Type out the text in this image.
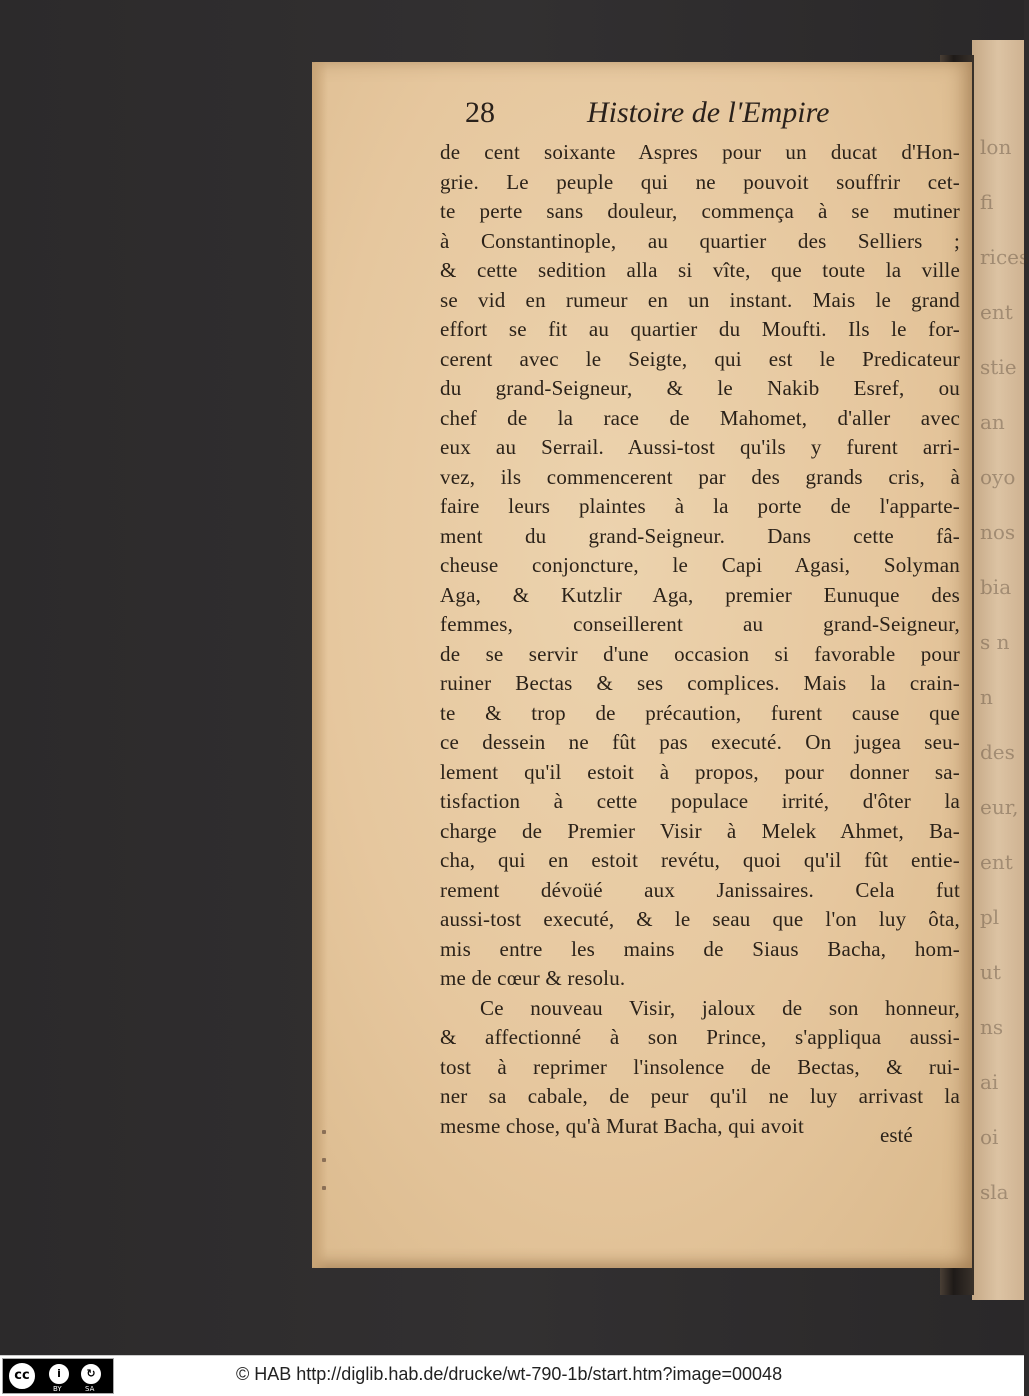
lon
fi
rices
ent
stie
an
oyo
nos
bia
s n
n
des
eur,
ent
pl
ut
ns
ai
oi
sla
28	Histoire de l'Empire
de cent soixante Aspres pour un ducat d'Hon-
grie. Le peuple qui ne pouvoit souffrir cet-
te perte sans douleur, commença à se mutiner
à Constantinople, au quartier des Selliers ;
& cette sedition alla si vîte, que toute la ville
se vid en rumeur en un instant. Mais le grand
effort se fit au quartier du Moufti. Ils le for-
cerent avec le Seigte, qui est le Predicateur
du grand-Seigneur, & le Nakib Esref, ou
chef de la race de Mahomet, d'aller avec
eux au Serrail. Aussi-tost qu'ils y furent arri-
vez, ils commencerent par des grands cris, à
faire leurs plaintes à la porte de l'apparte-
ment du grand-Seigneur. Dans cette fâ-
cheuse conjoncture, le Capi Agasi, Solyman
Aga, & Kutzlir Aga, premier Eunuque des
femmes, conseillerent au grand-Seigneur,
de se servir d'une occasion si favorable pour
ruiner Bectas & ses complices. Mais la crain-
te & trop de précaution, furent cause que
ce dessein ne fût pas executé. On jugea seu-
lement qu'il estoit à propos, pour donner sa-
tisfaction à cette populace irrité, d'ôter la
charge de Premier Visir à Melek Ahmet, Ba-
cha, qui en estoit revétu, quoi qu'il fût entie-
rement dévoüé aux Janissaires. Cela fut
aussi-tost executé, & le seau que l'on luy ôta,
mis entre les mains de Siaus Bacha, hom-
me de cœur & resolu.
Ce nouveau Visir, jaloux de son honneur,
& affectionné à son Prince, s'appliqua aussi-
tost à reprimer l'insolence de Bectas, & rui-
ner sa cabale, de peur qu'il ne luy arrivast la
mesme chose, qu'à Murat Bacha, qui avoit	esté
cc	i	↻
BY	SA
© HAB http://diglib.hab.de/drucke/wt-790-1b/start.htm?image=00048
